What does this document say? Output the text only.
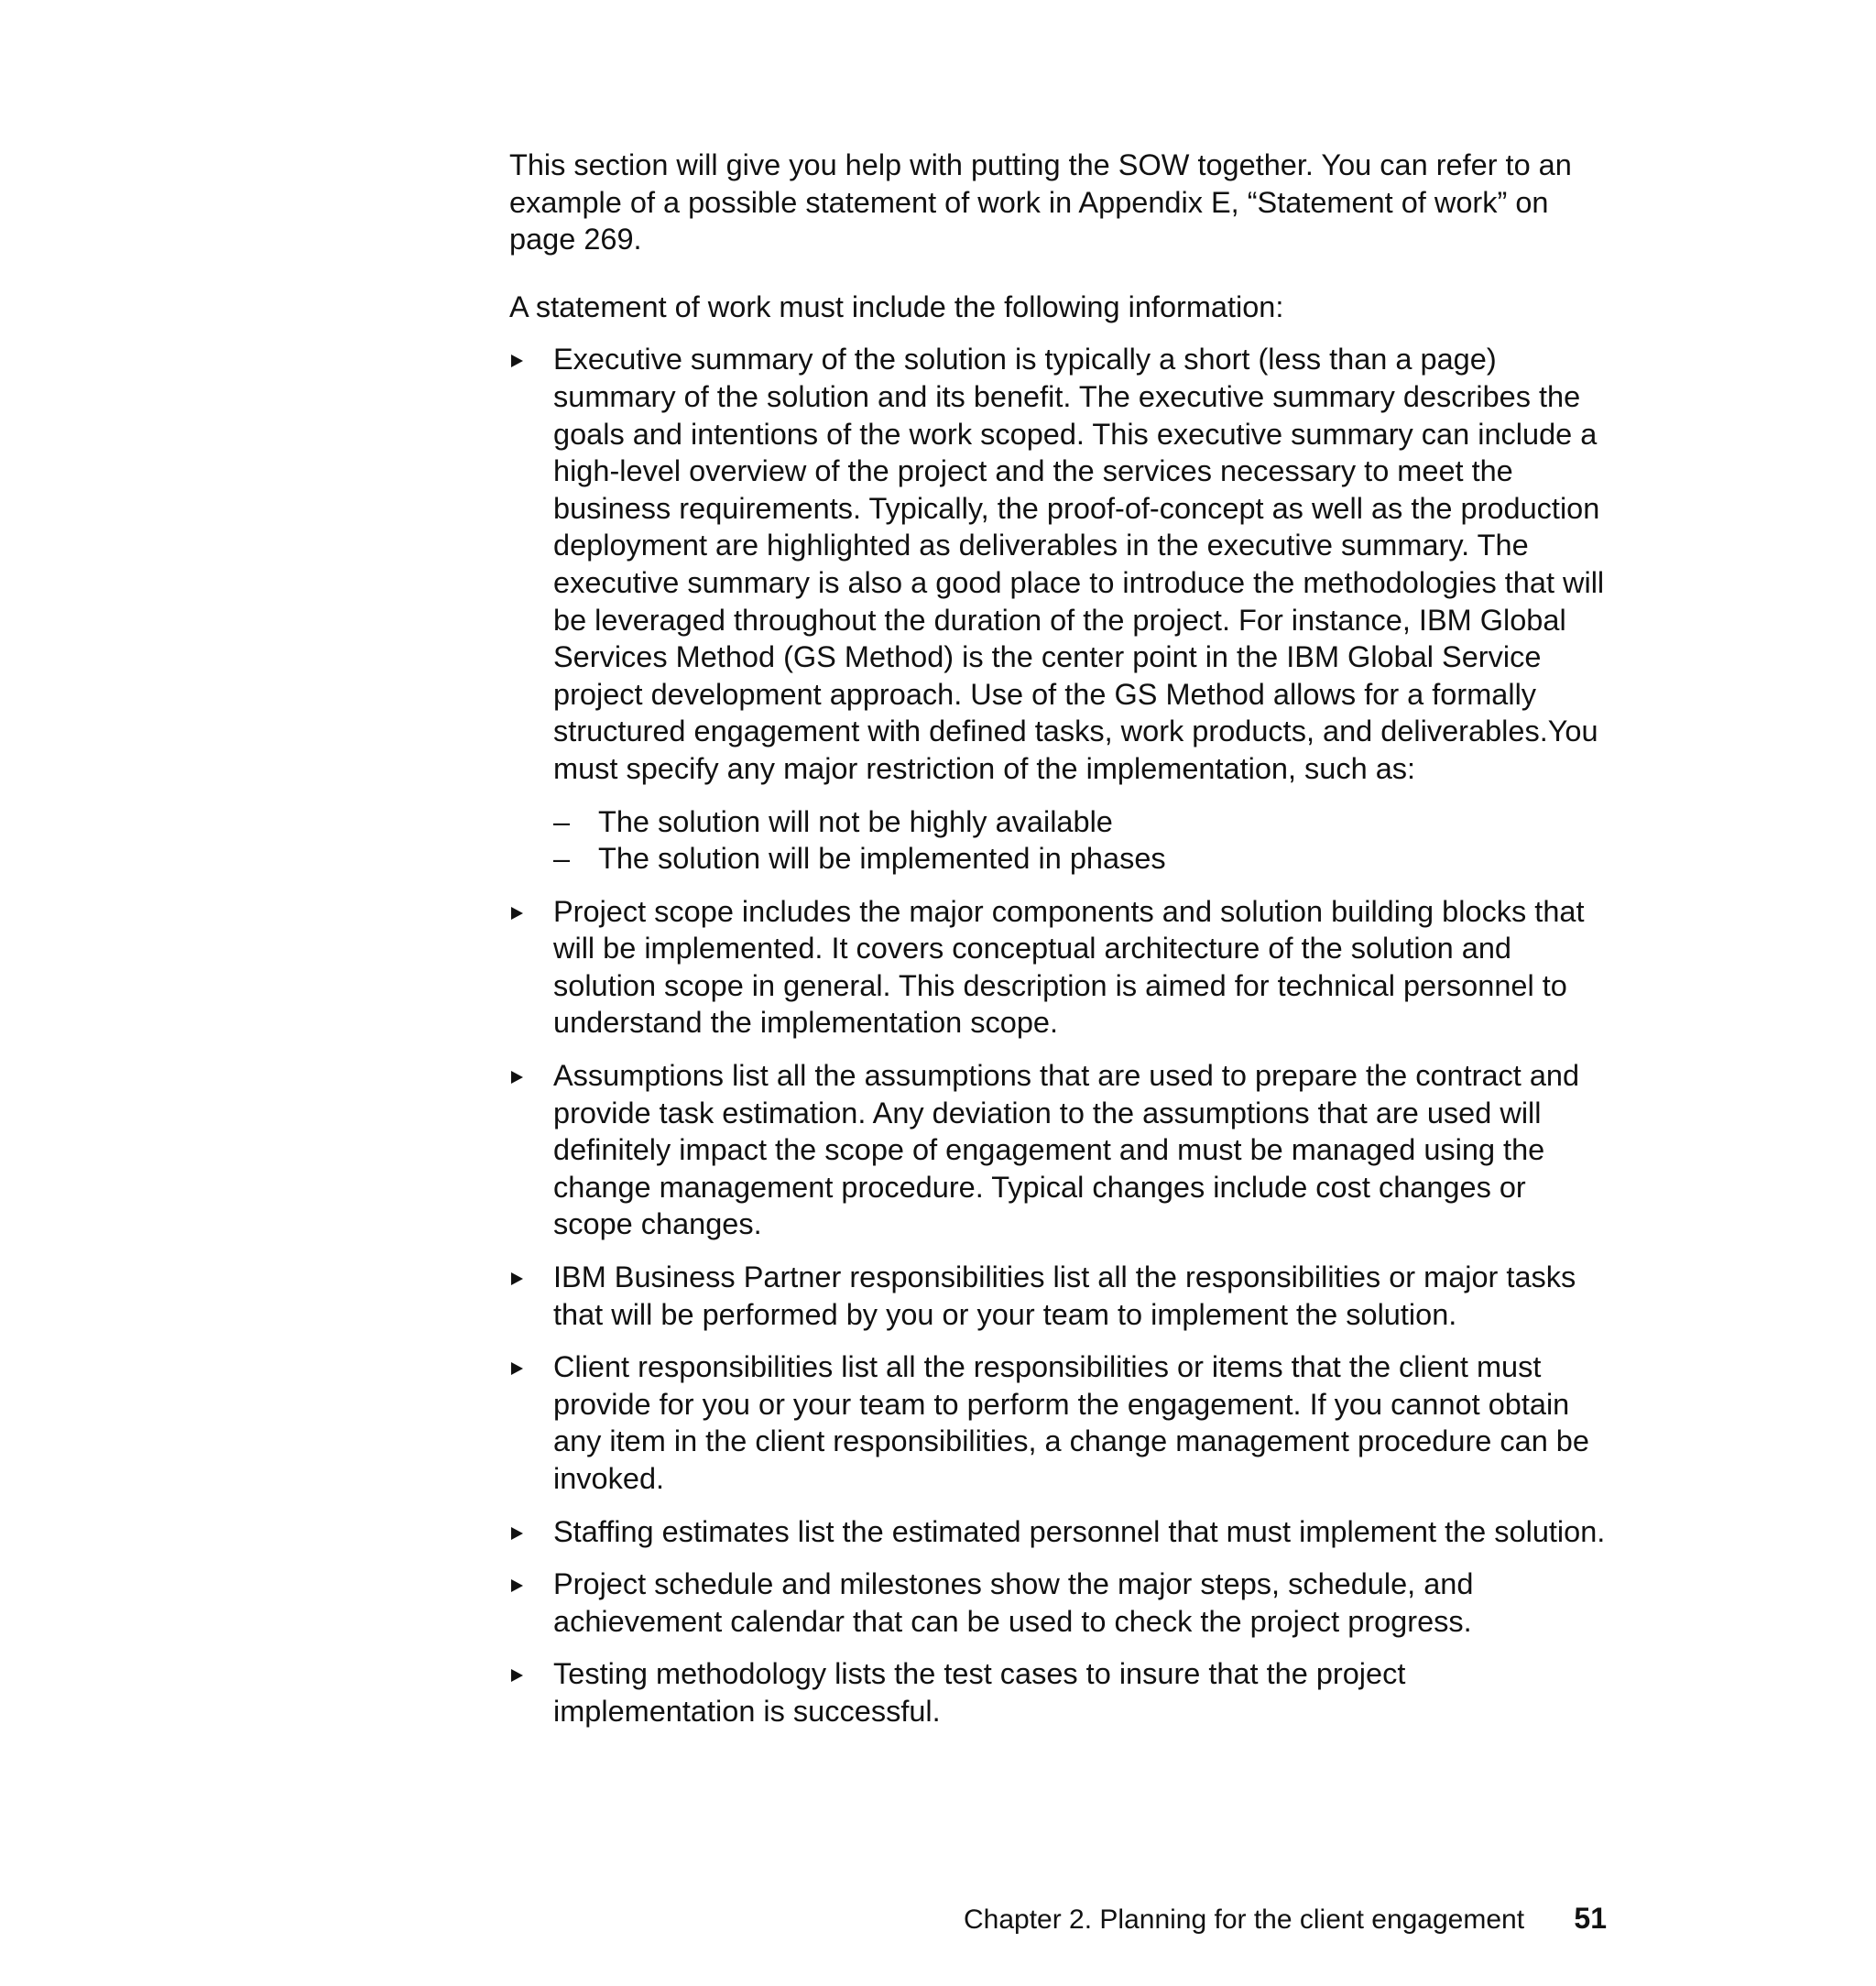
This section will give you help with putting the SOW together. You can refer to an example of a possible statement of work in Appendix E, “Statement of work” on page 269.

A statement of work must include the following information:

Executive summary of the solution is typically a short (less than a page) summary of the solution and its benefit. The executive summary describes the goals and intentions of the work scoped. This executive summary can include a high-level overview of the project and the services necessary to meet the business requirements. Typically, the proof-of-concept as well as the production deployment are highlighted as deliverables in the executive summary. The executive summary is also a good place to introduce the methodologies that will be leveraged throughout the duration of the project. For instance, IBM Global Services Method (GS Method) is the center point in the IBM Global Service project development approach. Use of the GS Method allows for a formally structured engagement with defined tasks, work products, and deliverables.You must specify any major restriction of the implementation, such as:
– The solution will not be highly available
– The solution will be implemented in phases
Project scope includes the major components and solution building blocks that will be implemented. It covers conceptual architecture of the solution and solution scope in general. This description is aimed for technical personnel to understand the implementation scope.
Assumptions list all the assumptions that are used to prepare the contract and provide task estimation. Any deviation to the assumptions that are used will definitely impact the scope of engagement and must be managed using the change management procedure. Typical changes include cost changes or scope changes.
IBM Business Partner responsibilities list all the responsibilities or major tasks that will be performed by you or your team to implement the solution.
Client responsibilities list all the responsibilities or items that the client must provide for you or your team to perform the engagement. If you cannot obtain any item in the client responsibilities, a change management procedure can be invoked.
Staffing estimates list the estimated personnel that must implement the solution.
Project schedule and milestones show the major steps, schedule, and achievement calendar that can be used to check the project progress.
Testing methodology lists the test cases to insure that the project implementation is successful.
Chapter 2. Planning for the client engagement 51
